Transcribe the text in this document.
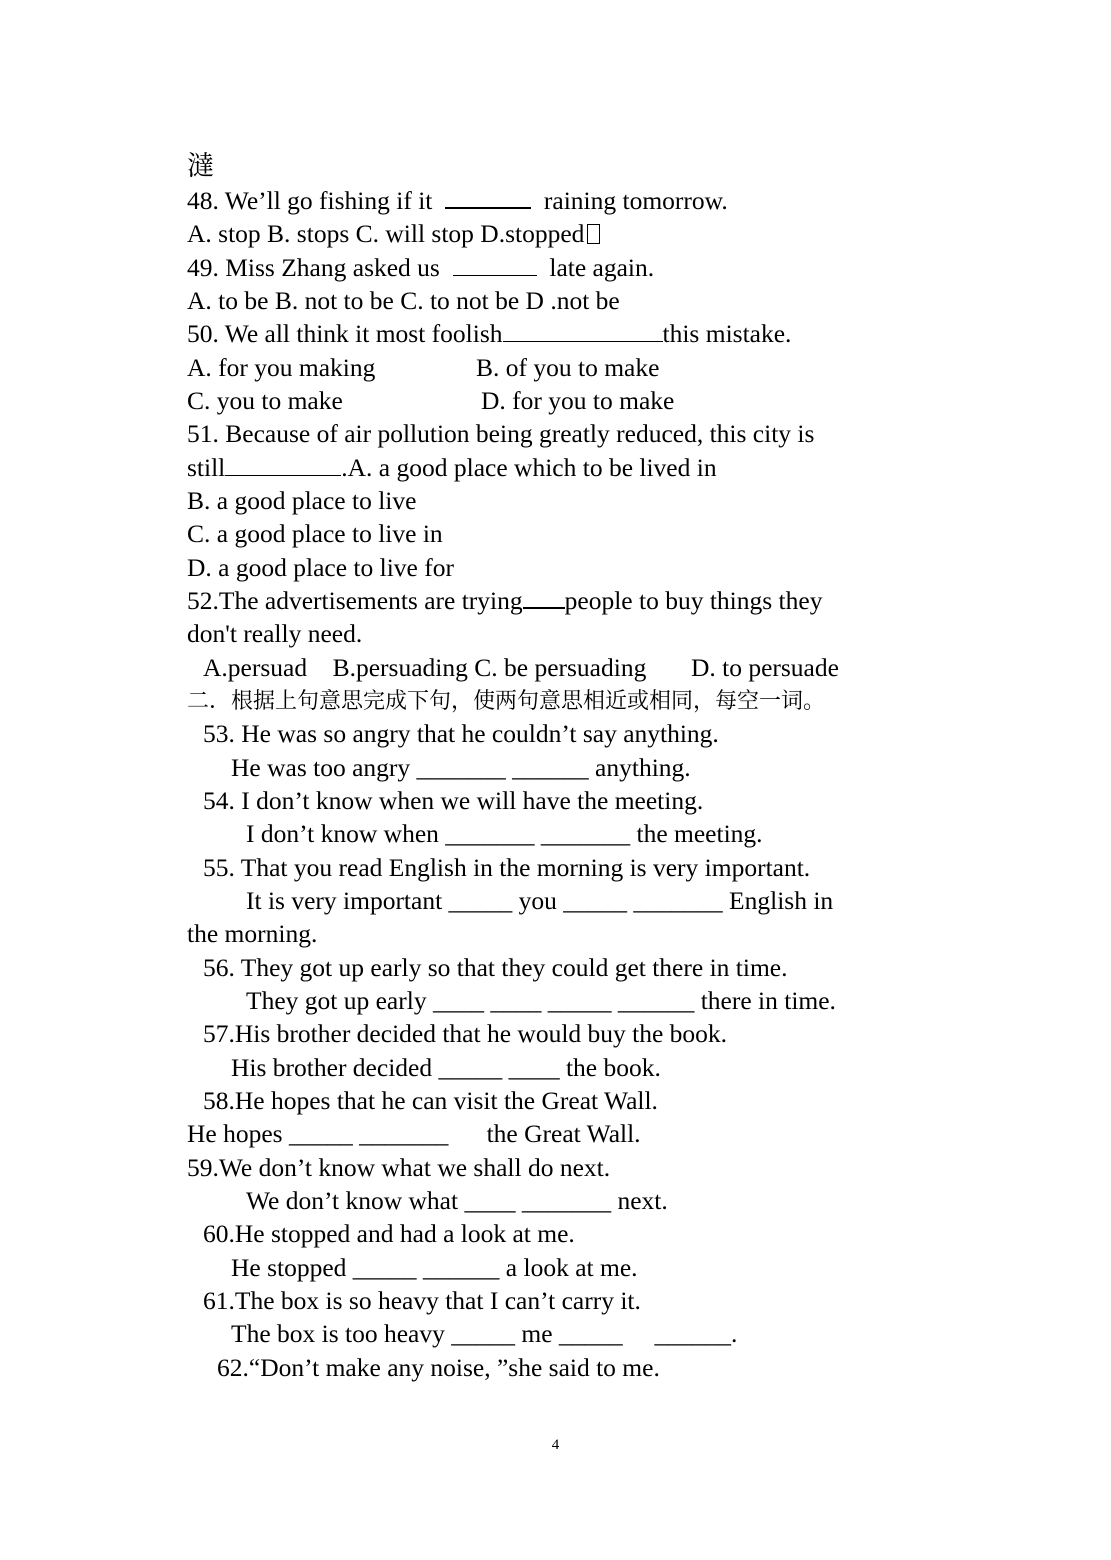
澾
48. We’ll go fishing if it	raining tomorrow.
A. stop B. stops C. will stop D.stopped
49. Miss Zhang asked us	late again.
A. to be B. not to be C. to not be D .not be
50. We all think it most foolish	this mistake.
A. for you making	B. of you to make
C. you to make	D. for you to make
51. Because of air pollution being greatly reduced, this city is
still	.A. a good place which to be lived in
B. a good place to live
C. a good place to live in
D. a good place to live for
52.The advertisements are trying people to buy things they
don't really need.
A.persuad    B.persuading C. be persuading       D. to persuade
二．根据上句意思完成下句，使两句意思相近或相同，每空一词。
53. He was so angry that he couldn’t say anything.
He was too angry _______ ______ anything.
54. I don’t know when we will have the meeting.
I don’t know when _______ _______ the meeting.
55. That you read English in the morning is very important.
It is very important _____ you _____ _______ English in
the morning.
56. They got up early so that they could get there in time.
They got up early ____ ____ _____ ______ there in time.
57.His brother decided that he would buy the book.
His brother decided _____ ____ the book.
58.He hopes that he can visit the Great Wall.
He hopes _____ _______      the Great Wall.
59.We don’t know what we shall do next.
We don’t know what ____ _______ next.
60.He stopped and had a look at me.
He stopped _____ ______ a look at me.
61.The box is so heavy that I can’t carry it.
The box is too heavy _____ me _____     ______.
62.“Don’t make any noise, ”she said to me.
4
